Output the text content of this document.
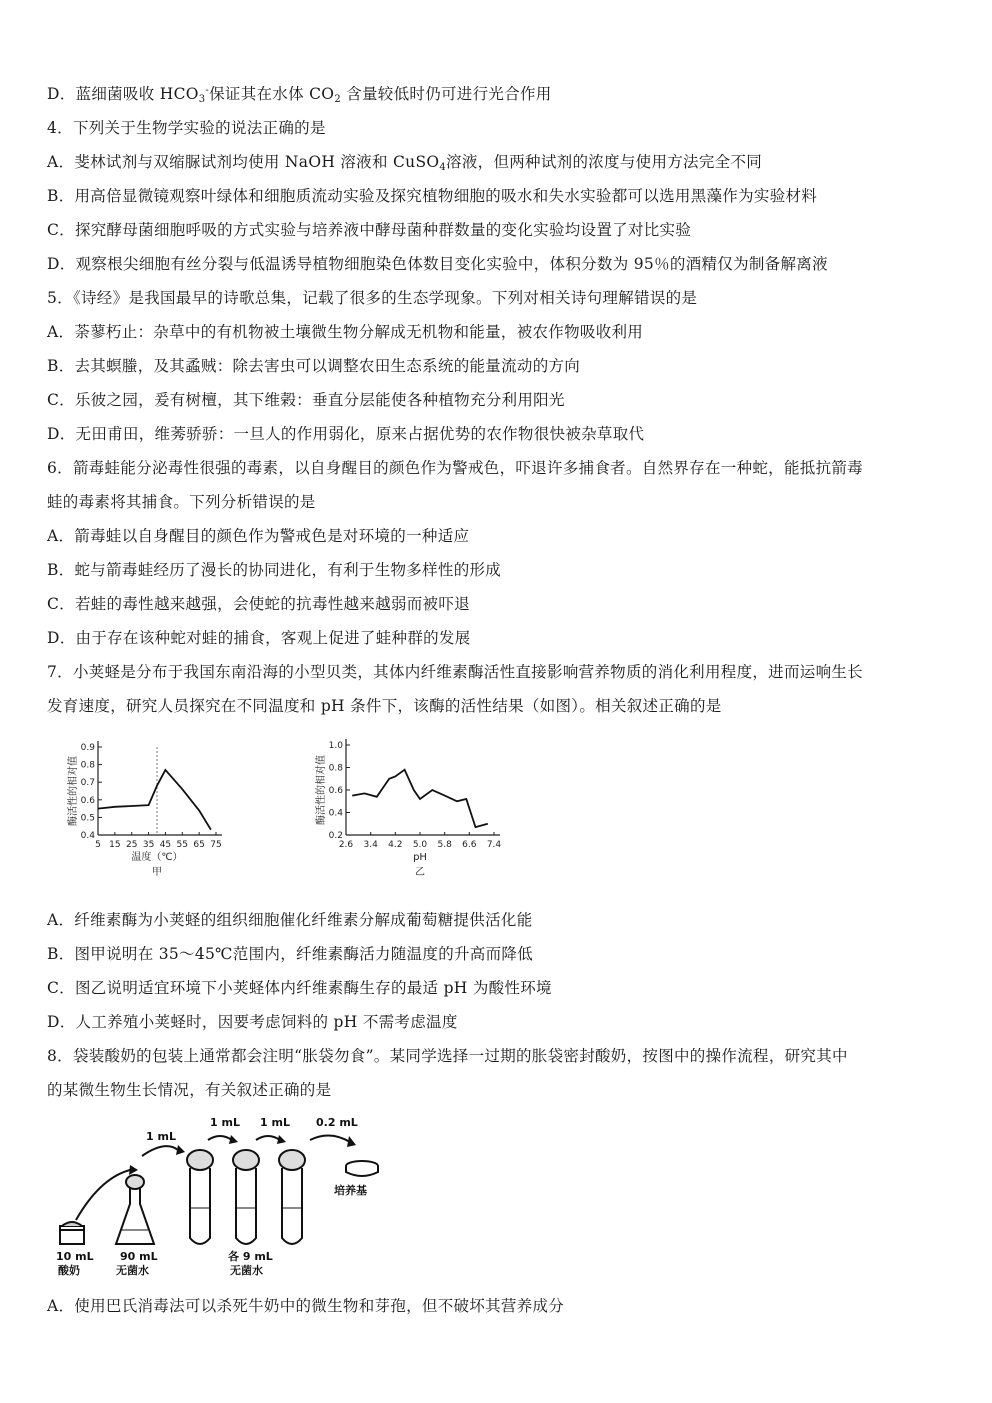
D．蓝细菌吸收 HCO3-保证其在水体 CO2 含量较低时仍可进行光合作用
4．下列关于生物学实验的说法正确的是
A．斐林试剂与双缩脲试剂均使用 NaOH 溶液和 CuSO4溶液，但两种试剂的浓度与使用方法完全不同
B．用高倍显微镜观察叶绿体和细胞质流动实验及探究植物细胞的吸水和失水实验都可以选用黑藻作为实验材料
C．探究酵母菌细胞呼吸的方式实验与培养液中酵母菌种群数量的变化实验均设置了对比实验
D．观察根尖细胞有丝分裂与低温诱导植物细胞染色体数目变化实验中，体积分数为 95％的酒精仅为制备解离液
5．《诗经》是我国最早的诗歌总集，记载了很多的生态学现象。下列对相关诗句理解错误的是
A．荼蓼朽止：杂草中的有机物被土壤微生物分解成无机物和能量，被农作物吸收利用
B．去其螟螣，及其蟊贼：除去害虫可以调整农田生态系统的能量流动的方向
C．乐彼之园，爰有树檀，其下维榖：垂直分层能使各种植物充分利用阳光
D．无田甫田，维莠骄骄：一旦人的作用弱化，原来占据优势的农作物很快被杂草取代
6．箭毒蛙能分泌毒性很强的毒素，以自身醒目的颜色作为警戒色，吓退许多捕食者。自然界存在一种蛇，能抵抗箭毒
蛙的毒素将其捕食。下列分析错误的是
A．箭毒蛙以自身醒目的颜色作为警戒色是对环境的一种适应
B．蛇与箭毒蛙经历了漫长的协同进化，有利于生物多样性的形成
C．若蛙的毒性越来越强，会使蛇的抗毒性越来越弱而被吓退
D．由于存在该种蛇对蛙的捕食，客观上促进了蛙种群的发展
7．小荚蛏是分布于我国东南沿海的小型贝类，其体内纤维素酶活性直接影响营养物质的消化利用程度，进而运响生长
发育速度，研究人员探究在不同温度和 pH 条件下，该酶的活性结果（如图）。相关叙述正确的是
0.4
0.5
0.6
0.7
0.8
0.9
5 15 25 35 45 55 65 75
酶活性的相对值
温度（℃）
甲
0.2
0.4
0.6
0.8
1.0
2.6 3.4 4.2 5.0 5.8 6.6 7.4
酶活性的相对值
pH
乙
A．纤维素酶为小荚蛏的组织细胞催化纤维素分解成葡萄糖提供活化能
B．图甲说明在 35～45℃范围内，纤维素酶活力随温度的升高而降低
C．图乙说明适宜环境下小荚蛏体内纤维素酶生存的最适 pH 为酸性环境
D．人工养殖小荚蛏时，因要考虑饲料的 pH 不需考虑温度
8．袋装酸奶的包装上通常都会注明“胀袋勿食”。某同学选择一过期的胀袋密封酸奶，按图中的操作流程，研究其中
的某微生物生长情况，有关叙述正确的是
1 mL
1 mL 1 mL 0.2 mL
培养基
10 mL
酸奶
90 mL
无菌水
各 9 mL
无菌水
A．使用巴氏消毒法可以杀死牛奶中的微生物和芽孢，但不破坏其营养成分
